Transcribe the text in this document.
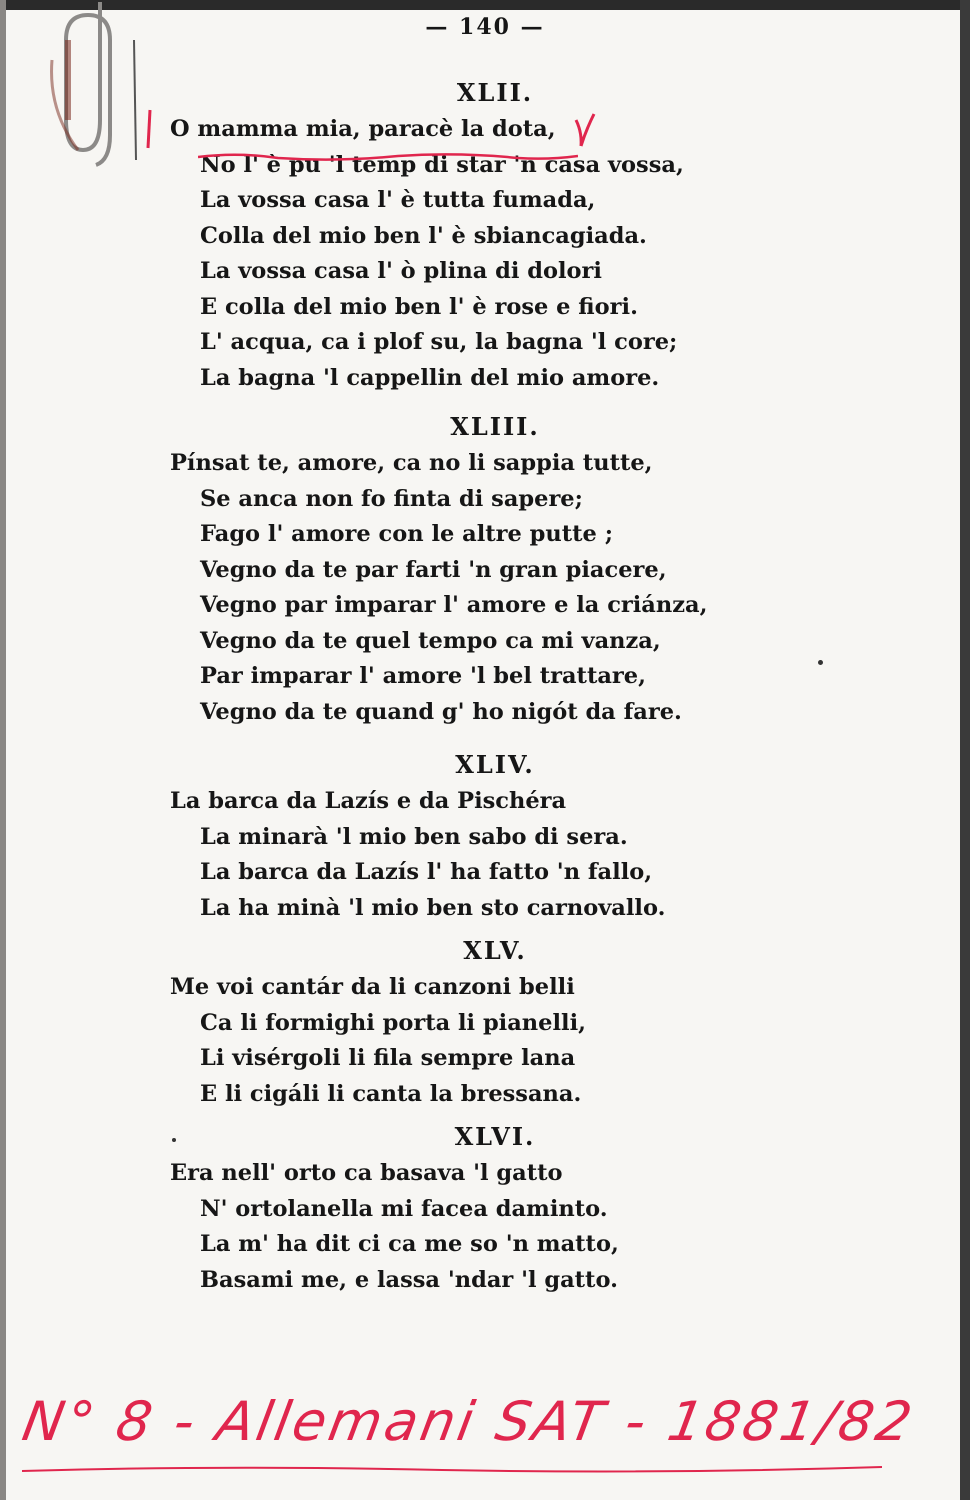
— 140 —
XLII.
O mamma mia, paracè la dota,
No l' è pu 'l temp di star 'n casa vossa,
La vossa casa l' è tutta fumada,
Colla del mio ben l' è sbiancagiada.
La vossa casa l' ò plina di dolori
E colla del mio ben l' è rose e fiori.
L' acqua, ca i plof su, la bagna 'l core;
La bagna 'l cappellin del mio amore.
XLIII.
Pínsat te, amore, ca no li sappia tutte,
Se anca non fo finta di sapere;
Fago l' amore con le altre putte ;
Vegno da te par farti 'n gran piacere,
Vegno par imparar l' amore e la criánza,
Vegno da te quel tempo ca mi vanza,
Par imparar l' amore 'l bel trattare,
Vegno da te quand g' ho nigót da fare.
XLIV.
La barca da Lazís e da Pischéra
La minarà 'l mio ben sabo di sera.
La barca da Lazís l' ha fatto 'n fallo,
La ha minà 'l mio ben sto carnovallo.
XLV.
Me voi cantár da li canzoni belli
Ca li formighi porta li pianelli,
Li visérgoli li fila sempre lana
E li cigáli li canta la bressana.
XLVI.
Era nell' orto ca basava 'l gatto
N' ortolanella mi facea daminto.
La m' ha dit ci ca me so 'n matto,
Basami me, e lassa 'ndar 'l gatto.
N° 8 - Allemani SAT - 1881/82
